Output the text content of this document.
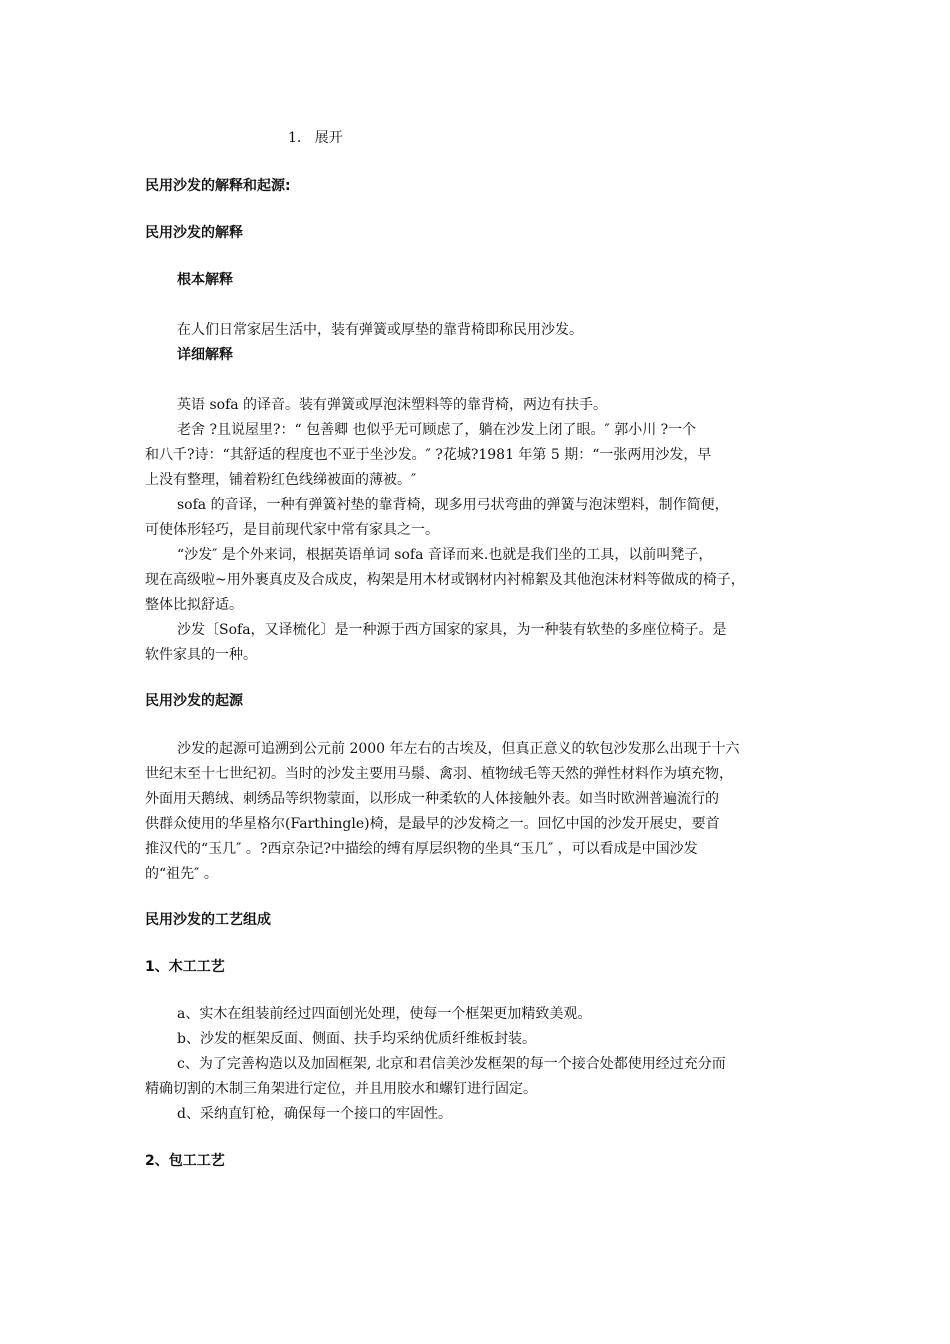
1. 展开
民用沙发的解释和起源:
民用沙发的解释
根本解释
在人们日常家居生活中，装有弹簧或厚垫的靠背椅即称民用沙发。
详细解释
英语 sofa 的译音。装有弹簧或厚泡沫塑料等的靠背椅，两边有扶手。
老舍 ?且说屋里?：“ 包善卿 也似乎无可顾虑了，躺在沙发上闭了眼。″ 郭小川 ?一个
和八千?诗：“其舒适的程度也不亚于坐沙发。″ ?花城?1981 年第 5 期：“一张两用沙发，早
上没有整理，铺着粉红色线绨被面的薄被。″
sofa 的音译，一种有弹簧衬垫的靠背椅，现多用弓状弯曲的弹簧与泡沫塑料，制作简便，
可使体形轻巧，是目前现代家中常有家具之一。
“沙发″ 是个外来词，根据英语单词 sofa 音译而来.也就是我们坐的工具，以前叫凳子，
现在高级啦~用外裹真皮及合成皮，构架是用木材或钢材内衬棉絮及其他泡沫材料等做成的椅子，
整体比拟舒适。
沙发〔Sofa，又译梳化〕是一种源于西方国家的家具，为一种装有软垫的多座位椅子。是
软件家具的一种。
民用沙发的起源
沙发的起源可追溯到公元前 2000 年左右的古埃及，但真正意义的软包沙发那么出现于十六
世纪末至十七世纪初。当时的沙发主要用马鬃、禽羽、植物绒毛等天然的弹性材料作为填充物，
外面用天鹅绒、刺绣品等织物蒙面，以形成一种柔软的人体接触外表。如当时欧洲普遍流行的
供群众使用的华星格尔(Farthingle)椅，是最早的沙发椅之一。回忆中国的沙发开展史，要首
推汉代的“玉几″ 。?西京杂记?中描绘的缚有厚层织物的坐具“玉几″ ，可以看成是中国沙发
的“祖先″ 。
民用沙发的工艺组成
1、木工工艺
a、实木在组装前经过四面刨光处理，使每一个框架更加精致美观。
b、沙发的框架反面、侧面、扶手均采纳优质纤维板封装。
c、为了完善构造以及加固框架, 北京和君信美沙发框架的每一个接合处都使用经过充分而
精确切割的木制三角架进行定位，并且用胶水和螺钉进行固定。
d、采纳直钉枪，确保每一个接口的牢固性。
2、包工工艺
